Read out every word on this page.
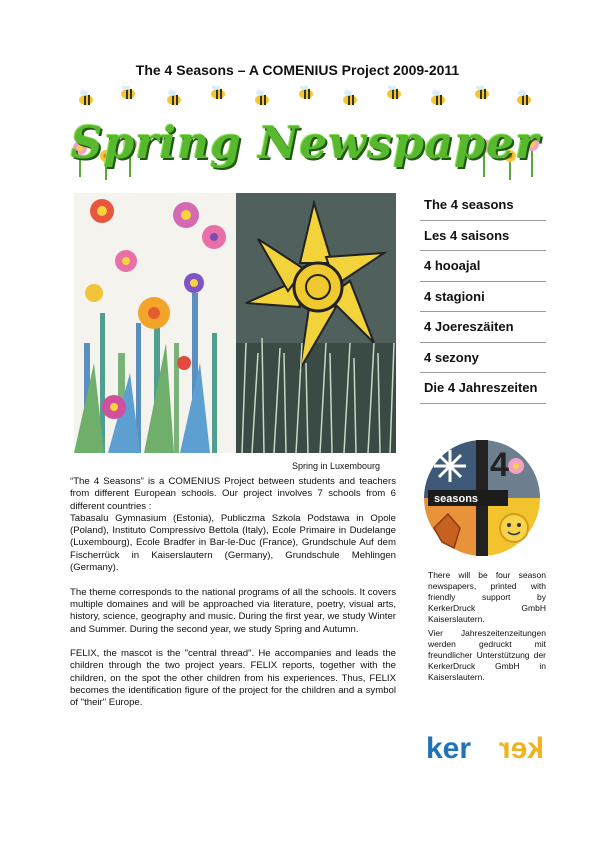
The 4 Seasons – A COMENIUS Project 2009-2011
Spring Newspaper
Spring in Luxembourg
The 4 seasons
Les 4 saisons
4 hooajal
4 stagioni
4 Joereszäiten
4 sezony
Die 4 Jahreszeiten
seasons
4
There will be four season newspapers, printed with friendly support by KerkerDruck GmbH Kaiserslautern.
Vier Jahreszeitenzeitungen werden gedruckt mit freundlicher Unterstützung der KerkerDruck GmbH in Kaiserslautern.
ker ker

“The 4 Seasons” is a COMENIUS Project between students and teachers from different European schools. Our project involves 7 schools from 6 different countries :

Tabasalu Gymnasium (Estonia), Publiczma Szkola Podstawa in Opole (Poland), Instituto Compressivo Bettola (Italy), Ecole Primaire in Dudelange (Luxembourg), Ecole Bradfer in Bar-le-Duc (France), Grundschule Auf dem Fischerrück in Kaiserslautern (Germany), Grundschule Mehlingen (Germany).

The theme corresponds to the national programs of all the schools. It covers multiple domaines and will be approached via literature, poetry, visual arts, history, science, geography and music. During the first year, we study Winter and Summer. During the second year, we study Spring and Autumn.

FELIX, the mascot is the "central thread". He accompanies and leads the children through the two project years. FELIX reports, together with the children, on the spot the other children from his experiences. Thus, FELIX becomes the identification figure of the project for the children and a symbol of "their" Europe.
